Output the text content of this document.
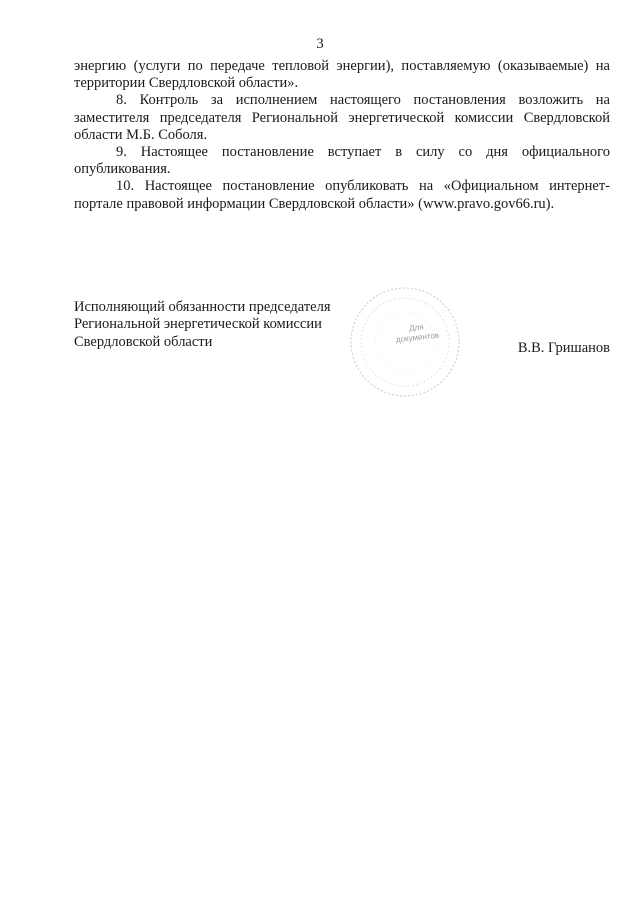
3

энергию (услуги по передаче тепловой энергии), поставляемую (оказываемые) на территории Свердловской области».

8. Контроль за исполнением настоящего постановления возложить на заместителя председателя Региональной энергетической комиссии Свердловской области М.Б. Соболя.

9. Настоящее постановление вступает в силу со дня официального опубликования.

10. Настоящее постановление опубликовать на «Официальном интернет-портале правовой информации Свердловской области» (www.pravo.gov66.ru).

Исполняющий обязанности председателя
Региональной энергетической комиссии
Свердловской области
Для
документов
В.В. Гришанов
